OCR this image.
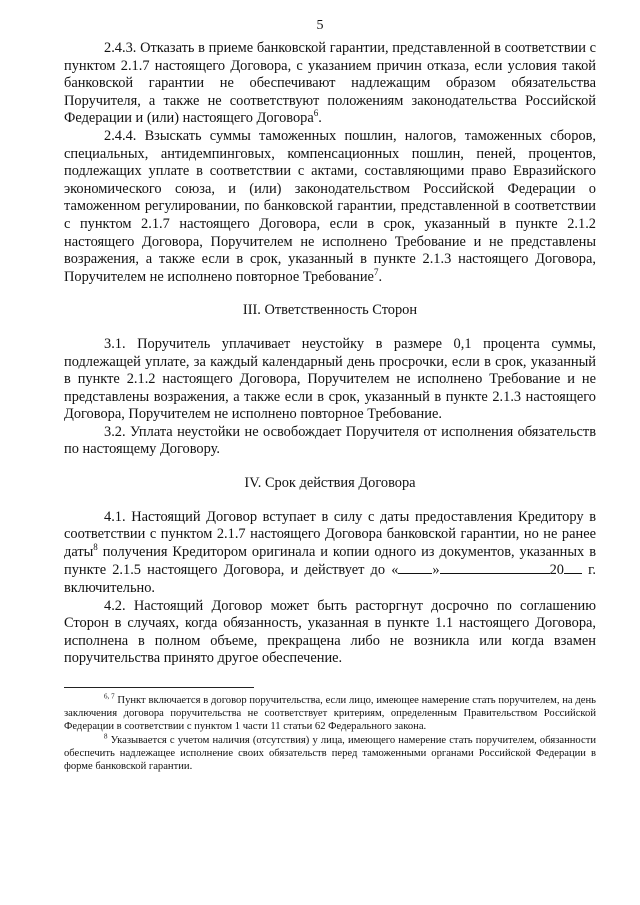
5

2.4.3. Отказать в приеме банковской гарантии, представленной в соответствии с пунктом 2.1.7 настоящего Договора, с указанием причин отказа, если условия такой банковской гарантии не обеспечивают надлежащим образом обязательства Поручителя, а также не соответствуют положениям законодательства Российской Федерации и (или) настоящего Договора$^6$.

2.4.4. Взыскать суммы таможенных пошлин, налогов, таможенных сборов, специальных, антидемпинговых, компенсационных пошлин, пеней, процентов, подлежащих уплате в соответствии с актами, составляющими право Евразийского экономического союза, и (или) законодательством Российской Федерации о таможенном регулировании, по банковской гарантии, представленной в соответствии с пунктом 2.1.7 настоящего Договора, если в срок, указанный в пункте 2.1.2 настоящего Договора, Поручителем не исполнено Требование и не представлены возражения, а также если в срок, указанный в пункте 2.1.3 настоящего Договора, Поручителем не исполнено повторное Требование$^7$.

III. Ответственность Сторон

3.1. Поручитель уплачивает неустойку в размере 0,1 процента суммы, подлежащей уплате, за каждый календарный день просрочки, если в срок, указанный в пункте 2.1.2 настоящего Договора, Поручителем не исполнено Требование и не представлены возражения, а также если в срок, указанный в пункте 2.1.3 настоящего Договора, Поручителем не исполнено повторное Требование.

3.2. Уплата неустойки не освобождает Поручителя от исполнения обязательств по настоящему Договору.

IV. Срок действия Договора

4.1. Настоящий Договор вступает в силу с даты предоставления Кредитору в соответствии с пунктом 2.1.7 настоящего Договора банковской гарантии, но не ранее даты$^8$ получения Кредитором оригинала и копии одного из документов, указанных в пункте 2.1.5 настоящего Договора, и действует до « »	20 г. включительно.

4.2. Настоящий Договор может быть расторгнут досрочно по соглашению Сторон в случаях, когда обязанность, указанная в пункте 1.1 настоящего Договора, исполнена в полном объеме, прекращена либо не возникла или когда взамен поручительства принято другое обеспечение.

$^{6, 7}$ Пункт включается в договор поручительства, если лицо, имеющее намерение стать поручителем, на день заключения договора поручительства не соответствует критериям, определенным Правительством Российской Федерации в соответствии с пунктом 1 части 11 статьи 62 Федерального закона.

$^8$ Указывается с учетом наличия (отсутствия) у лица, имеющего намерение стать поручителем, обязанности обеспечить надлежащее исполнение своих обязательств перед таможенными органами Российской Федерации в форме банковской гарантии.
